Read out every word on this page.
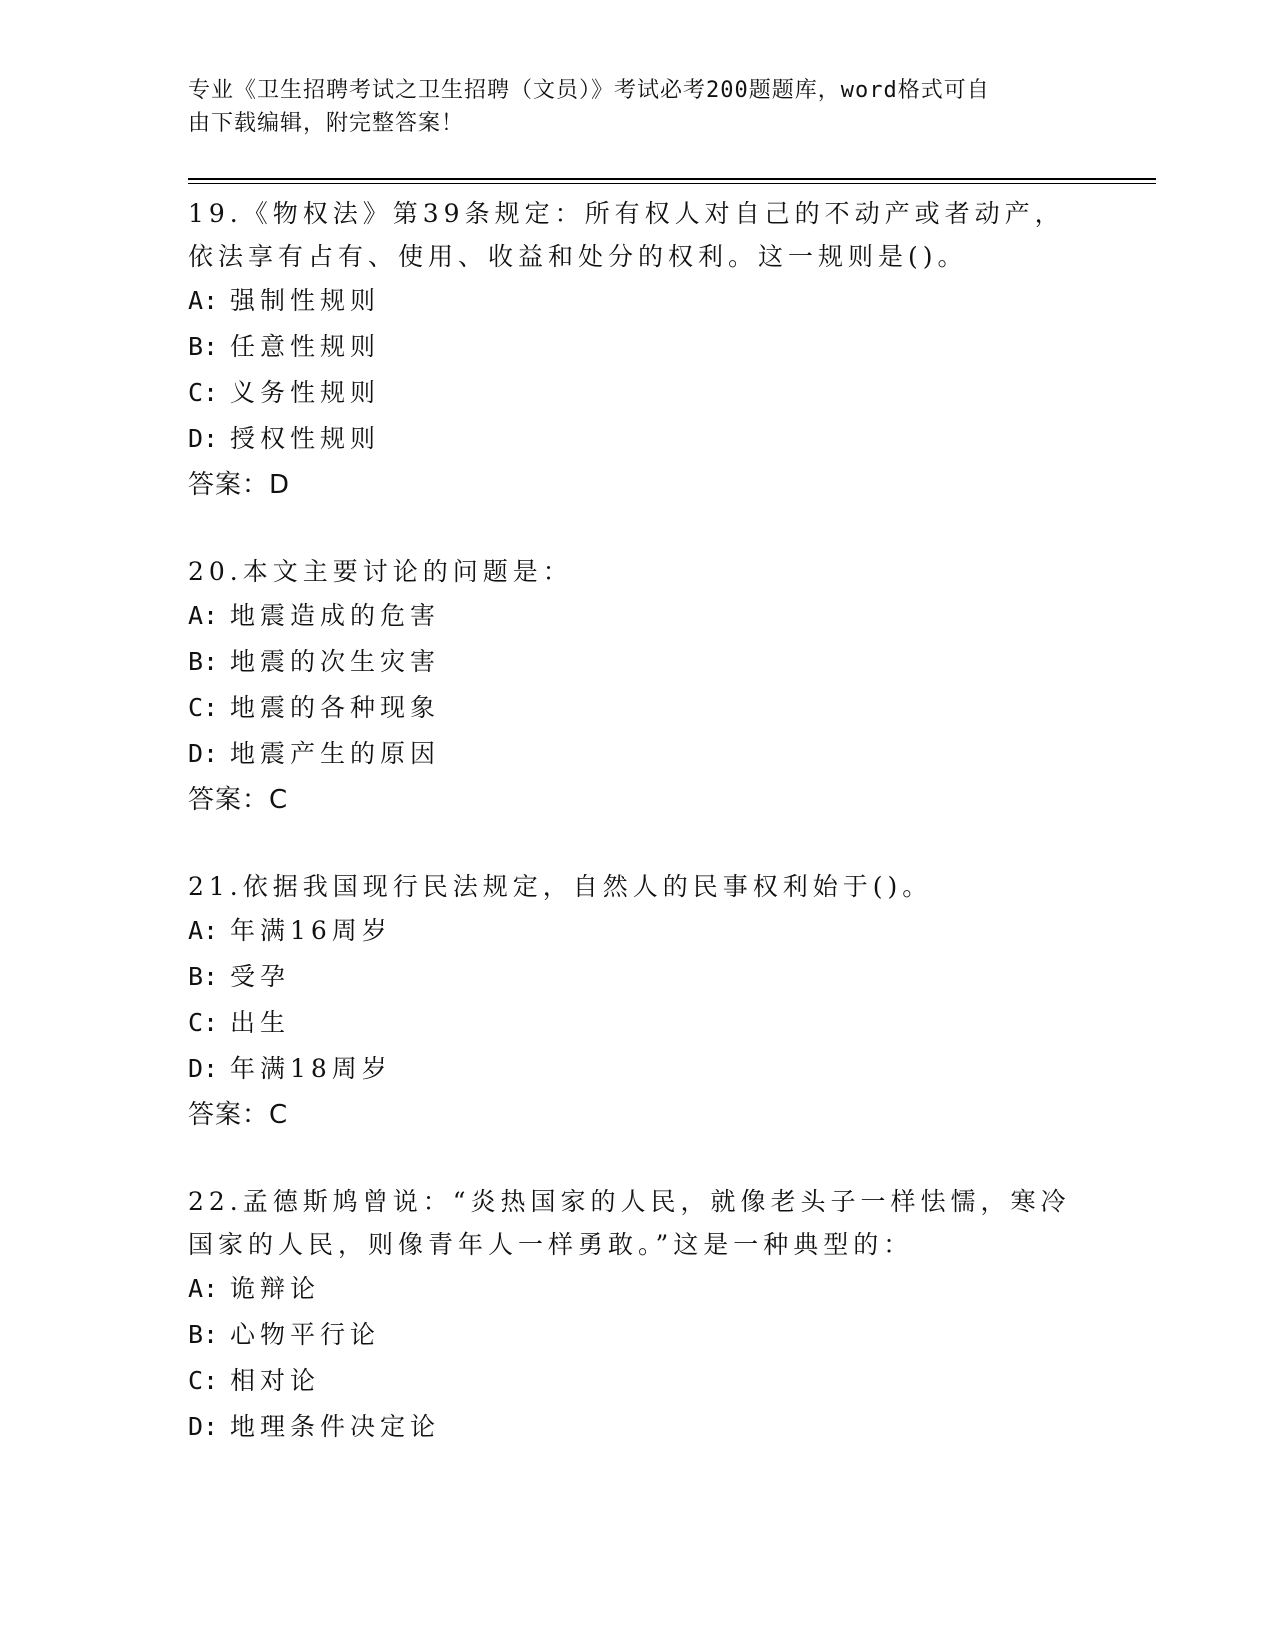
专业《卫生招聘考试之卫生招聘（文员）》考试必考200题题库，word格式可自
由下载编辑，附完整答案！

19.《物权法》第39条规定：所有权人对自己的不动产或者动产，依法享有占有、使用、收益和处分的权利。这一规则是()。

A: 强制性规则
B: 任意性规则
C: 义务性规则
D: 授权性规则

答案：D

20.本文主要讨论的问题是：

A: 地震造成的危害
B: 地震的次生灾害
C: 地震的各种现象
D: 地震产生的原因

答案：C

21.依据我国现行民法规定，自然人的民事权利始于()。

A: 年满16周岁
B: 受孕
C: 出生
D: 年满18周岁

答案：C

22.孟德斯鸠曾说：“炎热国家的人民，就像老头子一样怯懦，寒冷国家的人民，则像青年人一样勇敢。”这是一种典型的：

A: 诡辩论
B: 心物平行论
C: 相对论
D: 地理条件决定论
